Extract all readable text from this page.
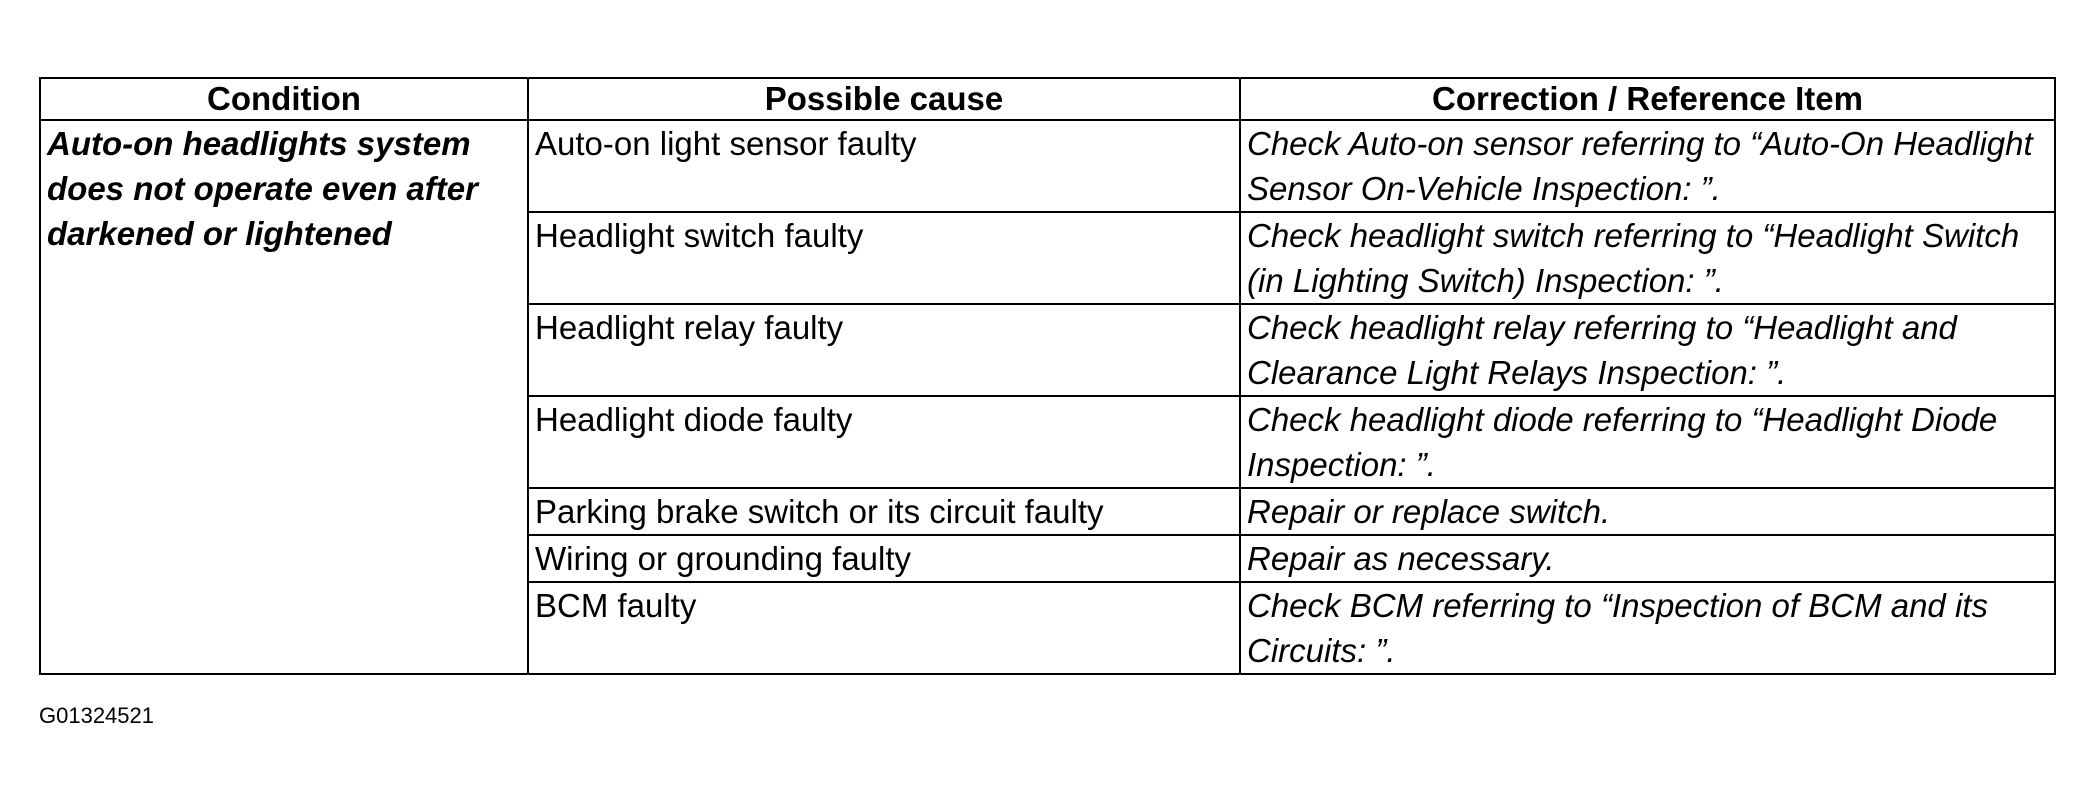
Condition	Possible cause	Correction / Reference Item
Auto-on headlights system does not operate even after darkened or lightened	Auto-on light sensor faulty	Check Auto-on sensor referring to “Auto-On Headlight Sensor On-Vehicle Inspection: ”.
	Headlight switch faulty	Check headlight switch referring to “Headlight Switch (in Lighting Switch) Inspection: ”.
	Headlight relay faulty	Check headlight relay referring to “Headlight and Clearance Light Relays Inspection: ”.
	Headlight diode faulty	Check headlight diode referring to “Headlight Diode Inspection: ”.
	Parking brake switch or its circuit faulty	Repair or replace switch.
	Wiring or grounding faulty	Repair as necessary.
	BCM faulty	Check BCM referring to “Inspection of BCM and its Circuits: ”.
G01324521
